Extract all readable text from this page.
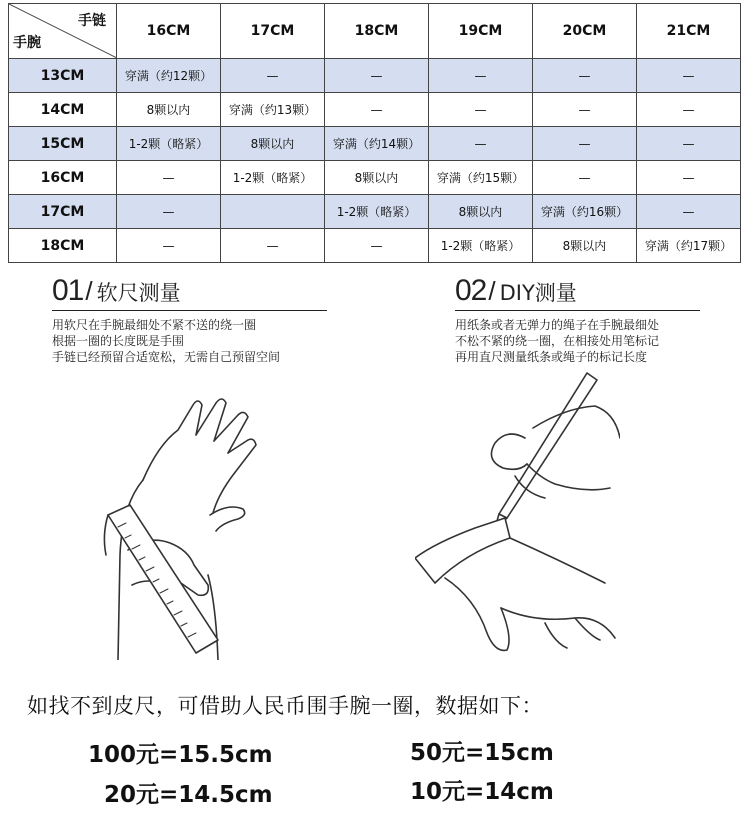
手链
手腕	16CM	17CM	18CM	19CM	20CM	21CM
13CM	穿满（约12颗）	—	—	—	—	—
14CM	8颗以内	穿满（约13颗）	—	—	—	—
15CM	1-2颗（略紧）	8颗以内	穿满（约14颗）	—	—	—
16CM	—	1-2颗（略紧）	8颗以内	穿满（约15颗）	—	—
17CM	—		1-2颗（略紧）	8颗以内	穿满（约16颗）	—
18CM	—	—	—	1-2颗（略紧）	8颗以内	穿满（约17颗）
01 / 软尺测量
用软尺在手腕最细处不紧不送的绕一圈
根据一圈的长度既是手围
手链已经预留合适宽松，无需自己预留空间
02 / DIY测量
用纸条或者无弹力的绳子在手腕最细处
不松不紧的绕一圈，在相接处用笔标记
再用直尺测量纸条或绳子的标记长度
如找不到皮尺，可借助人民币围手腕一圈，数据如下：
100元=15.5cm	50元=15cm
20元=14.5cm	10元=14cm
